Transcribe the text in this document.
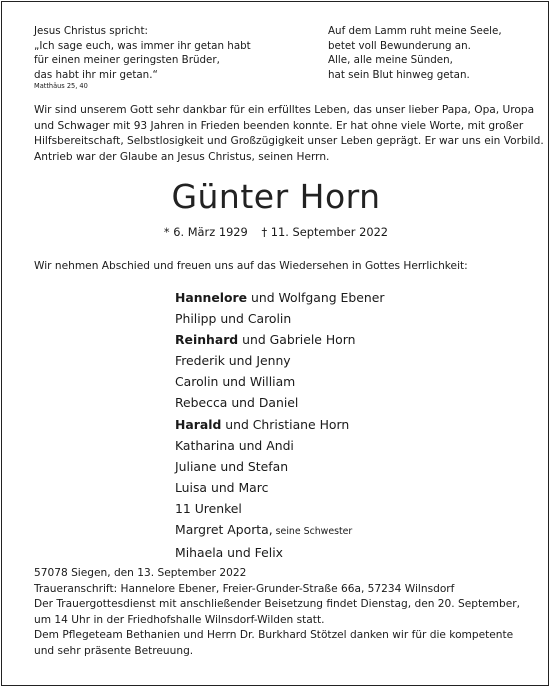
Jesus Christus spricht:
„Ich sage euch, was immer ihr getan habt
für einen meiner geringsten Brüder,
das habt ihr mir getan.“
Matthäus 25, 40
Auf dem Lamm ruht meine Seele,
betet voll Bewunderung an.
Alle, alle meine Sünden,
hat sein Blut hinweg getan.
Wir sind unserem Gott sehr dankbar für ein erfülltes Leben, das unser lieber Papa, Opa, Uropa
und Schwager mit 93 Jahren in Frieden beenden konnte. Er hat ohne viele Worte, mit großer
Hilfsbereitschaft, Selbstlosigkeit und Großzügigkeit unser Leben geprägt. Er war uns ein Vorbild.
Antrieb war der Glaube an Jesus Christus, seinen Herrn.
Günter Horn
* 6. März 1929 † 11. September 2022
Wir nehmen Abschied und freuen uns auf das Wiedersehen in Gottes Herrlichkeit:
Hannelore und Wolfgang Ebener
Philipp und Carolin
Reinhard und Gabriele Horn
Frederik und Jenny
Carolin und William
Rebecca und Daniel
Harald und Christiane Horn
Katharina und Andi
Juliane und Stefan
Luisa und Marc
11 Urenkel
Margret Aporta, seine Schwester
Mihaela und Felix
57078 Siegen, den 13. September 2022
Traueranschrift: Hannelore Ebener, Freier-Grunder-Straße 66a, 57234 Wilnsdorf
Der Trauergottesdienst mit anschließender Beisetzung findet Dienstag, den 20. September,
um 14 Uhr in der Friedhofshalle Wilnsdorf-Wilden statt.
Dem Pflegeteam Bethanien und Herrn Dr. Burkhard Stötzel danken wir für die kompetente
und sehr präsente Betreuung.
